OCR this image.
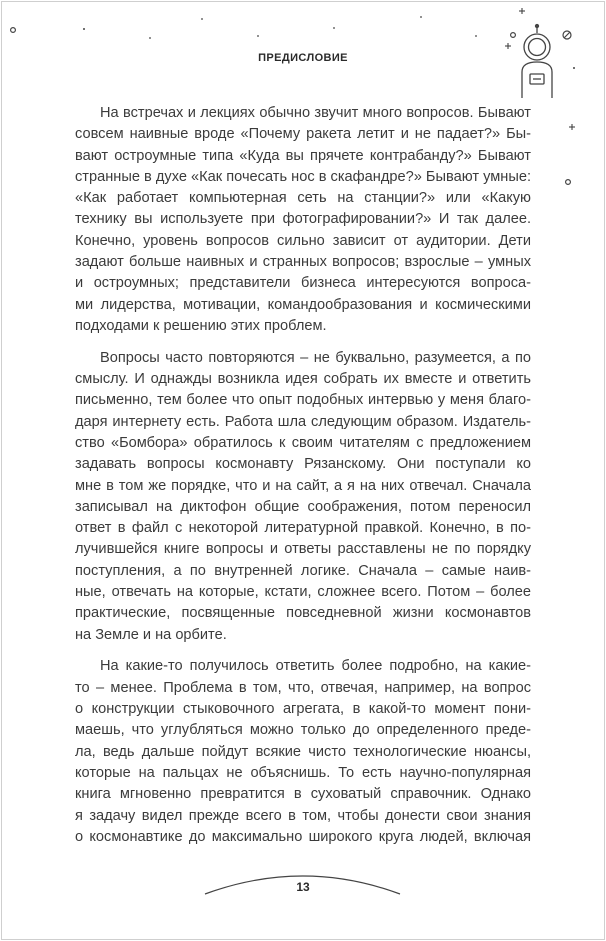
ПРЕДИСЛОВИЕ

На встречах и лекциях обычно звучит много вопросов. Бывают
совсем наивные вроде «Почему ракета летит и не падает?» Бы-
вают остроумные типа «Куда вы прячете контрабанду?» Бывают
странные в духе «Как почесать нос в скафандре?» Бывают умные:
«Как работает компьютерная сеть на станции?» или «Какую
технику вы используете при фотографировании?» И так далее.
Конечно, уровень вопросов сильно зависит от аудитории. Дети
задают больше наивных и странных вопросов; взрослые – умных
и остроумных; представители бизнеса интересуются вопроса-
ми лидерства, мотивации, командообразования и космическими
подходами к решению этих проблем.

Вопросы часто повторяются – не буквально, разумеется, а по
смыслу. И однажды возникла идея собрать их вместе и ответить
письменно, тем более что опыт подобных интервью у меня благо-
даря интернету есть. Работа шла следующим образом. Издатель-
ство «Бомбора» обратилось к своим читателям с предложением
задавать вопросы космонавту Рязанскому. Они поступали ко
мне в том же порядке, что и на сайт, а я на них отвечал. Сначала
записывал на диктофон общие соображения, потом переносил
ответ в файл с некоторой литературной правкой. Конечно, в по-
лучившейся книге вопросы и ответы расставлены не по порядку
поступления, а по внутренней логике. Сначала – самые наив-
ные, отвечать на которые, кстати, сложнее всего. Потом – более
практические, посвященные повседневной жизни космонавтов
на Земле и на орбите.

На какие-то получилось ответить более подробно, на какие-
то – менее. Проблема в том, что, отвечая, например, на вопрос
о конструкции стыковочного агрегата, в какой-то момент пони-
маешь, что углубляться можно только до определенного преде-
ла, ведь дальше пойдут всякие чисто технологические нюансы,
которые на пальцах не объяснишь. То есть научно-популярная
книга мгновенно превратится в суховатый справочник. Однако
я задачу видел прежде всего в том, чтобы донести свои знания
о космонавтике до максимально широкого круга людей, включая

13
